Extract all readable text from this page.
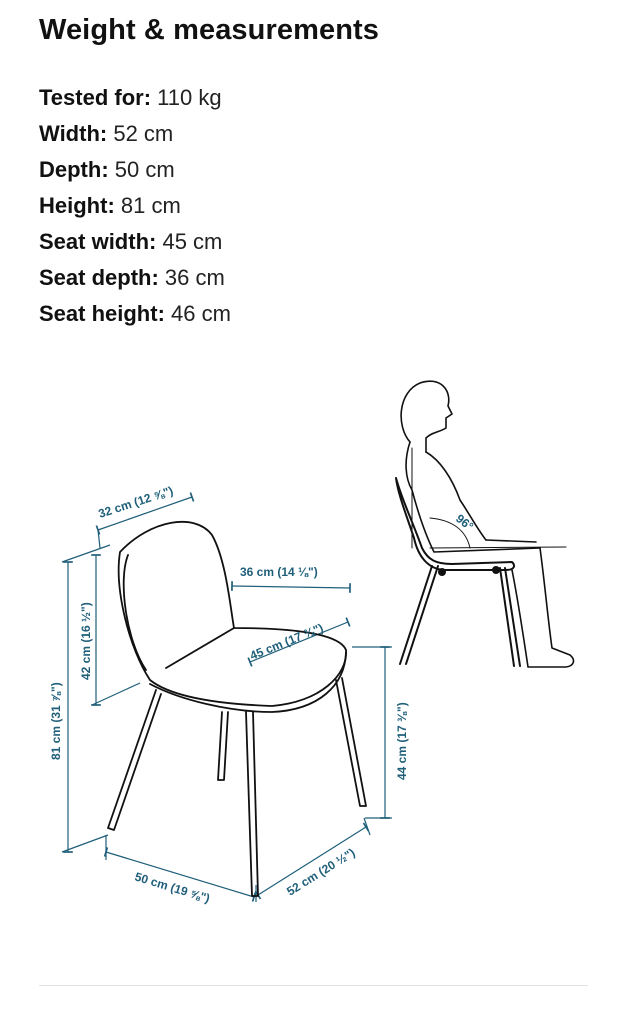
Weight & measurements
Tested for: 110 kg
Width: 52 cm
Depth: 50 cm
Height: 81 cm
Seat width: 45 cm
Seat depth: 36 cm
Seat height: 46 cm
32 cm (12 ⅝")
36 cm (14 ⅛")
45 cm (17 ¾")
42 cm (16 ½")
81 cm (31 ⅞")	44 cm (17 ⅜")
50 cm (19 ⅝")	52 cm (20 ½")
96°
